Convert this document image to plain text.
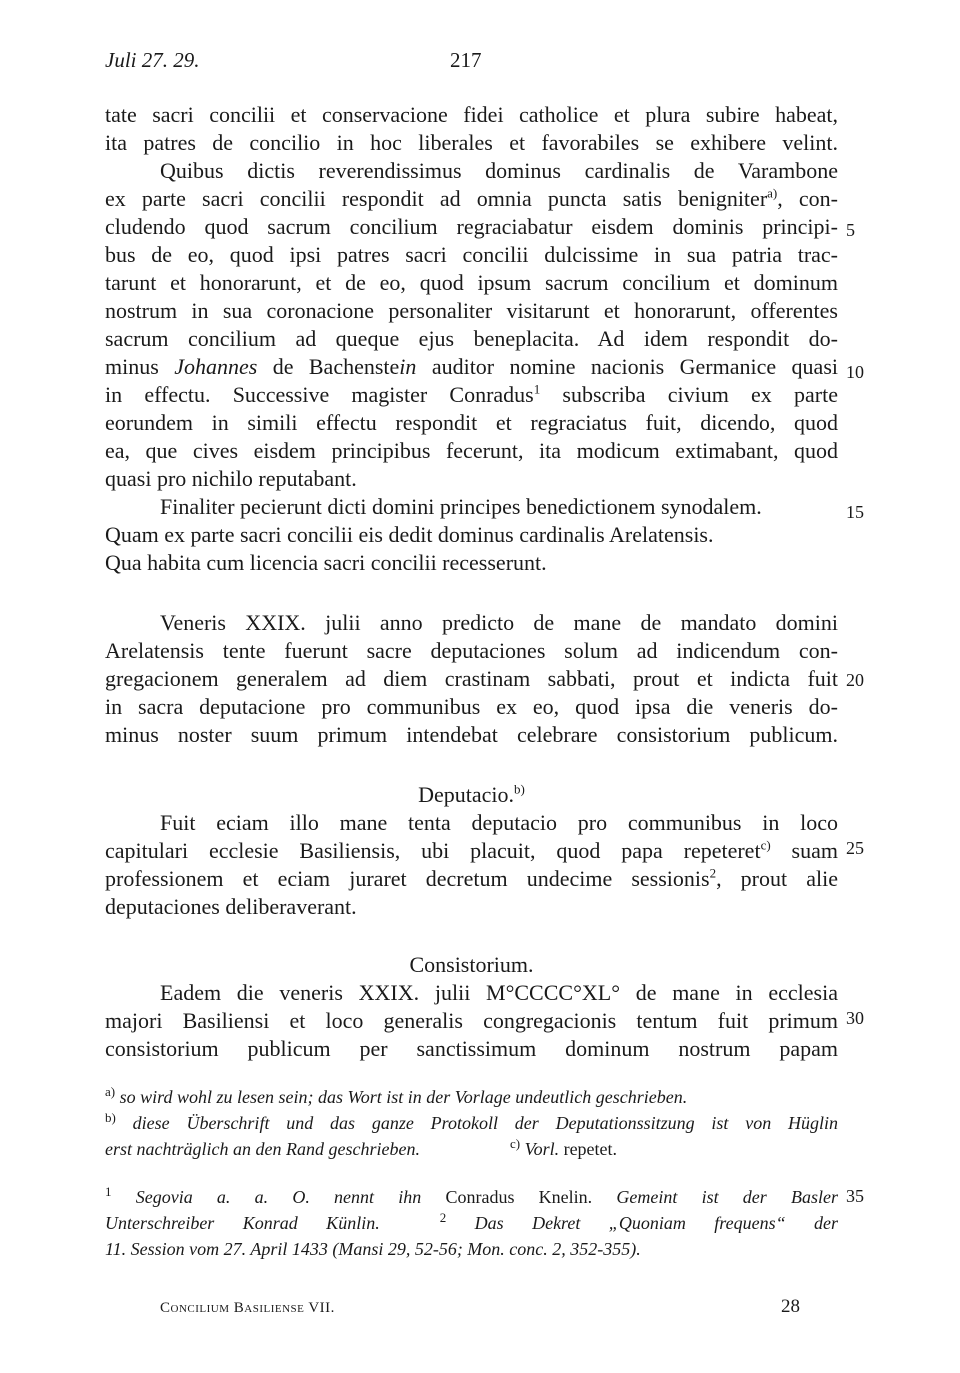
Juli 27. 29.	217
tate sacri concilii et conservacione fidei catholice et plura subire habeat,
ita patres de concilio in hoc liberales et favorabiles se exhibere velint.
Quibus dictis reverendissimus dominus cardinalis de Varambone
ex parte sacri concilii respondit ad omnia puncta satis benigniter$^{a)}$, con-
cludendo quod sacrum concilium regraciabatur eisdem dominis principi-
bus de eo, quod ipsi patres sacri concilii dulcissime in sua patria trac-
tarunt et honorarunt, et de eo, quod ipsum sacrum concilium et dominum
nostrum in sua coronacione personaliter visitarunt et honorarunt, offerentes
sacrum concilium ad queque ejus beneplacita. Ad idem respondit do-
minus Johannes de Bachenstein auditor nomine nacionis Germanice quasi
in effectu. Successive magister Conradus$^1$ subscriba civium ex parte
eorundem in simili effectu respondit et regraciatus fuit, dicendo, quod
ea, que cives eisdem principibus fecerunt, ita modicum extimabant, quod
quasi pro nichilo reputabant.
Finaliter pecierunt dicti domini principes benedictionem synodalem.
Quam ex parte sacri concilii eis dedit dominus cardinalis Arelatensis.
Qua habita cum licencia sacri concilii recesserunt.
Veneris XXIX. julii anno predicto de mane de mandato domini
Arelatensis tente fuerunt sacre deputaciones solum ad indicendum con-
gregacionem generalem ad diem crastinam sabbati, prout et indicta fuit
in sacra deputacione pro communibus ex eo, quod ipsa die veneris do-
minus noster suum primum intendebat celebrare consistorium publicum.
Deputacio.$^{b)}$
Fuit eciam illo mane tenta deputacio pro communibus in loco
capitulari ecclesie Basiliensis, ubi placuit, quod papa repeteret$^{c)}$ suam
professionem et eciam juraret decretum undecime sessionis$^2$, prout alie
deputaciones deliberaverant.
Consistorium.
Eadem die veneris XXIX. julii M°CCCC°XL° de mane in ecclesia
majori Basiliensi et loco generalis congregacionis tentum fuit primum
consistorium publicum per sanctissimum dominum nostrum papam
5
10
15
20
25
30
35
$^{a)}$ so wird wohl zu lesen sein; das Wort ist in der Vorlage undeutlich geschrieben.
$^{b)}$ diese Überschrift und das ganze Protokoll der Deputationssitzung ist von Hüglin
erst nachträglich an den Rand geschrieben.	$^{c)}$ Vorl. repetet.
$^1$ Segovia a. a. O. nennt ihn Conradus Knelin. Gemeint ist der Basler
Unterschreiber Konrad Künlin.	$^2$ Das Dekret „Quoniam frequens“ der
11. Session vom 27. April 1433 (Mansi 29, 52-56; Mon. conc. 2, 352-355).
Concilium Basiliense VII.	28
